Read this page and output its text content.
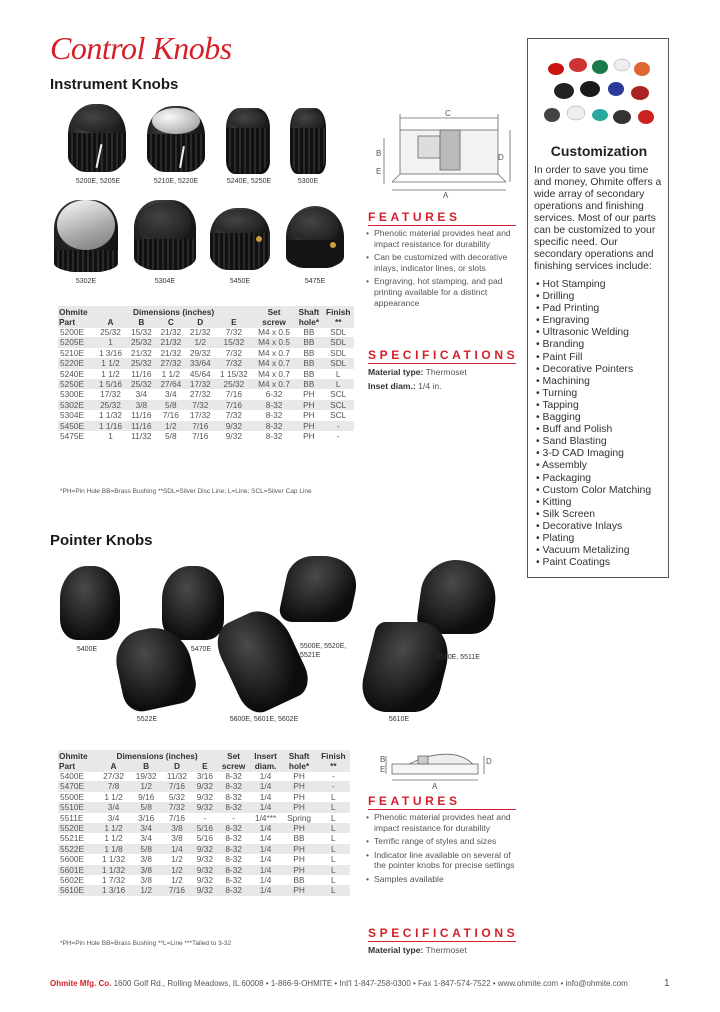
Control Knobs
Instrument Knobs
5200E, 5205E	5210E, 5220E	5240E, 5250E	5300E
5302E	5304E	5450E	5475E
C
B
E
D
A
Ohmite	Dimensions (inches)					Set	Shaft	Finish
Part	A	B	C	D	E	screw	hole*	**
5200E	25/32	15/32	21/32	21/32	7/32	M4 x 0.5	BB	SDL
5205E	1	25/32	21/32	1/2	15/32	M4 x 0.5	BB	SDL
5210E	1 3/16	21/32	21/32	29/32	7/32	M4 x 0.7	BB	SDL
5220E	1 1/2	25/32	27/32	33/64	7/32	M4 x 0.7	BB	SDL
5240E	1 1/2	11/16	1 1/2	45/64	1 15/32	M4 x 0.7	BB	L
5250E	1 5/16	25/32	27/64	17/32	25/32	M4 x 0.7	BB	L
5300E	17/32	3/4	3/4	27/32	7/16	6-32	PH	SCL
5302E	25/32	3/8	5/8	7/32	7/16	8-32	PH	SCL
5304E	1 1/32	11/16	7/16	17/32	7/32	8-32	PH	SCL
5450E	1 1/16	11/16	1/2	7/16	9/32	8-32	PH	-
5475E	1	11/32	5/8	7/16	9/32	8-32	PH	-
*PH=Pin Hole BB=Brass Bushing **SDL=Silver Disc Line; L=Line; SCL=Silver Cap Line
FEATURES
• Phenolic material provides heat and impact resistance for durability
• Can be customized with decorative inlays, indicator lines, or slots
• Engraving, hot stamping, and pad printing available for a distinct appearance
SPECIFICATIONS
Material type: Thermoset
Inset diam.: 1/4 in.
Pointer Knobs
5400E	5470E	5500E, 5520E, 5521E	5510E, 5511E
5522E	5600E, 5601E, 5602E	5610E
B
E
D
A
Ohmite	Dimensions (inches)				Set	Insert	Shaft	Finish
Part	A	B	D	E	screw	diam.	hole*	**
5400E	27/32	19/32	11/32	3/16	8-32	1/4	PH	-
5470E	7/8	1/2	7/16	9/32	8-32	1/4	PH	-
5500E	1 1/2	9/16	5/32	9/32	8-32	1/4	PH	L
5510E	3/4	5/8	7/32	9/32	8-32	1/4	PH	L
5511E	3/4	3/16	7/16	-	-	1/4***	Spring	L
5520E	1 1/2	3/4	3/8	5/16	8-32	1/4	PH	L
5521E	1 1/2	3/4	3/8	5/16	8-32	1/4	BB	L
5522E	1 1/8	5/8	1/4	9/32	8-32	1/4	PH	L
5600E	1 1/32	3/8	1/2	9/32	8-32	1/4	PH	L
5601E	1 1/32	3/8	1/2	9/32	8-32	1/4	PH	L
5602E	1 7/32	3/8	1/2	9/32	8-32	1/4	BB	L
5610E	1 3/16	1/2	7/16	9/32	8-32	1/4	PH	L
*PH=Pin Hole BB=Brass Bushing **L=Line ***Tailed to 3-32
FEATURES
• Phenolic material provides heat and impact resistance for durability
• Terrific range of styles and sizes
• Indicator line available on several of the pointer knobs for precise settings
• Samples available
SPECIFICATIONS
Material type: Thermoset
Customization
In order to save you time and money, Ohmite offers a wide array of secondary operations and finishing services. Most of our parts can be customized to your specific need. Our secondary operations and finishing services include:
• Hot Stamping
• Drilling
• Pad Printing
• Engraving
• Ultrasonic Welding
• Branding
• Paint Fill
• Decorative Pointers
• Machining
• Turning
• Tapping
• Bagging
• Buff and Polish
• Sand Blasting
• 3-D CAD Imaging
• Assembly
• Packaging
• Custom Color Matching
• Kitting
• Silk Screen
• Decorative Inlays
• Plating
• Vacuum Metalizing
• Paint Coatings
Ohmite Mfg. Co. 1600 Golf Rd., Rolling Meadows, IL 60008 • 1-866-9-OHMITE • Int'l 1-847-258-0300 • Fax 1-847-574-7522 • www.ohmite.com • info@ohmite.com	1
